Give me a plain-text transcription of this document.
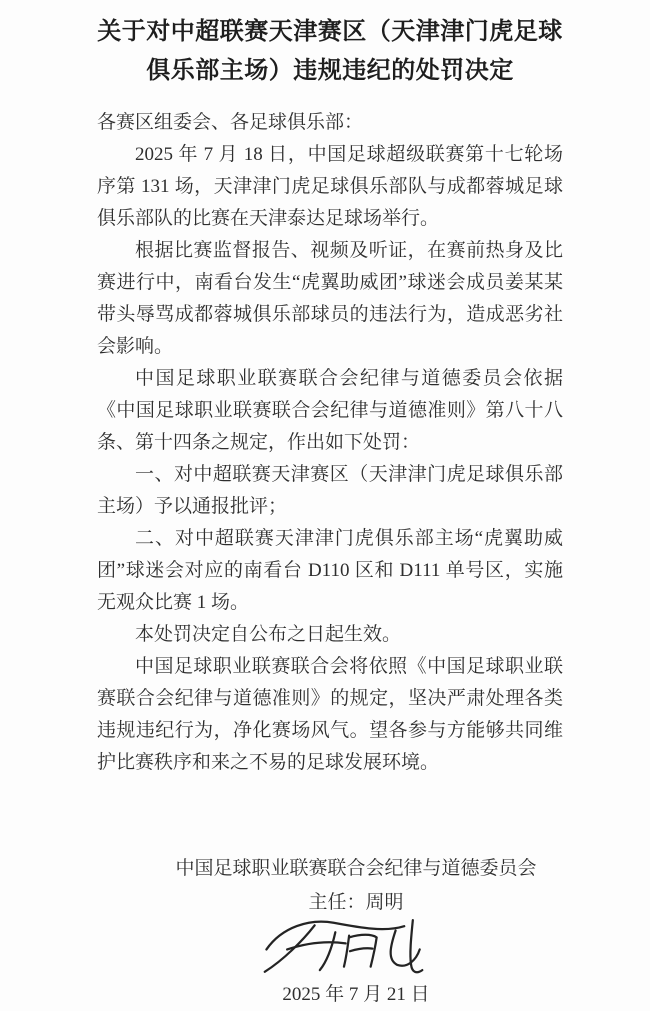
关于对中超联赛天津赛区（天津津门虎足球
俱乐部主场）违规违纪的处罚决定

各赛区组委会、各足球俱乐部：

2025 年 7 月 18 日，中国足球超级联赛第十七轮场序第 131 场，天津津门虎足球俱乐部队与成都蓉城足球俱乐部队的比赛在天津泰达足球场举行。

根据比赛监督报告、视频及听证，在赛前热身及比赛进行中，南看台发生“虎翼助威团”球迷会成员姜某某带头辱骂成都蓉城俱乐部球员的违法行为，造成恶劣社会影响。

中国足球职业联赛联合会纪律与道德委员会依据《中国足球职业联赛联合会纪律与道德准则》第八十八条、第十四条之规定，作出如下处罚：

一、对中超联赛天津赛区（天津津门虎足球俱乐部主场）予以通报批评；

二、对中超联赛天津津门虎俱乐部主场“虎翼助威团”球迷会对应的南看台 D110 区和 D111 单号区，实施无观众比赛 1 场。

本处罚决定自公布之日起生效。

中国足球职业联赛联合会将依照《中国足球职业联赛联合会纪律与道德准则》的规定，坚决严肃处理各类违规违纪行为，净化赛场风气。望各参与方能够共同维护比赛秩序和来之不易的足球发展环境。

中国足球职业联赛联合会纪律与道德委员会
主任：周明
2025 年 7 月 21 日
